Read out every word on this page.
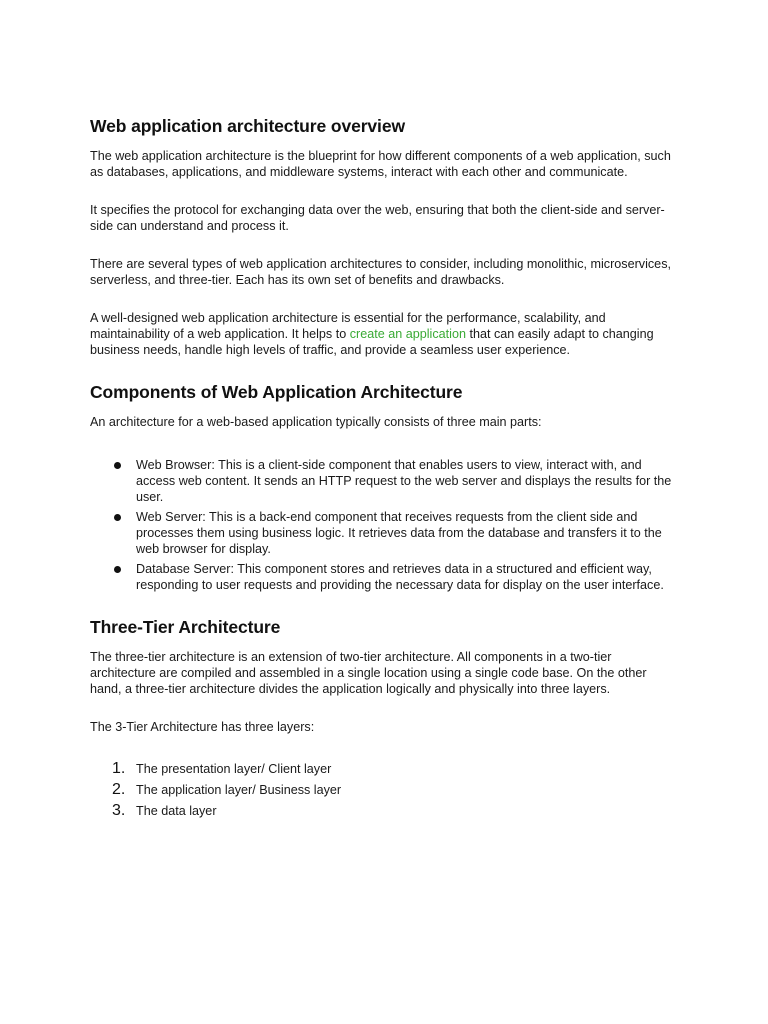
Web application architecture overview

The web application architecture is the blueprint for how different components of a web application, such as databases, applications, and middleware systems, interact with each other and communicate.

It specifies the protocol for exchanging data over the web, ensuring that both the client-side and server-side can understand and process it.

There are several types of web application architectures to consider, including monolithic, microservices, serverless, and three-tier. Each has its own set of benefits and drawbacks.

A well-designed web application architecture is essential for the performance, scalability, and maintainability of a web application. It helps to create an application that can easily adapt to changing business needs, handle high levels of traffic, and provide a seamless user experience.

Components of Web Application Architecture

An architecture for a web-based application typically consists of three main parts:

Web Browser: This is a client-side component that enables users to view, interact with, and access web content. It sends an HTTP request to the web server and displays the results for the user.
Web Server: This is a back-end component that receives requests from the client side and processes them using business logic. It retrieves data from the database and transfers it to the web browser for display.
Database Server: This component stores and retrieves data in a structured and efficient way, responding to user requests and providing the necessary data for display on the user interface.
Three-Tier Architecture

The three-tier architecture is an extension of two-tier architecture. All components in a two-tier architecture are compiled and assembled in a single location using a single code base. On the other hand, a three-tier architecture divides the application logically and physically into three layers.

The 3-Tier Architecture has three layers:

1. The presentation layer/ Client layer
2. The application layer/ Business layer
3. The data layer
